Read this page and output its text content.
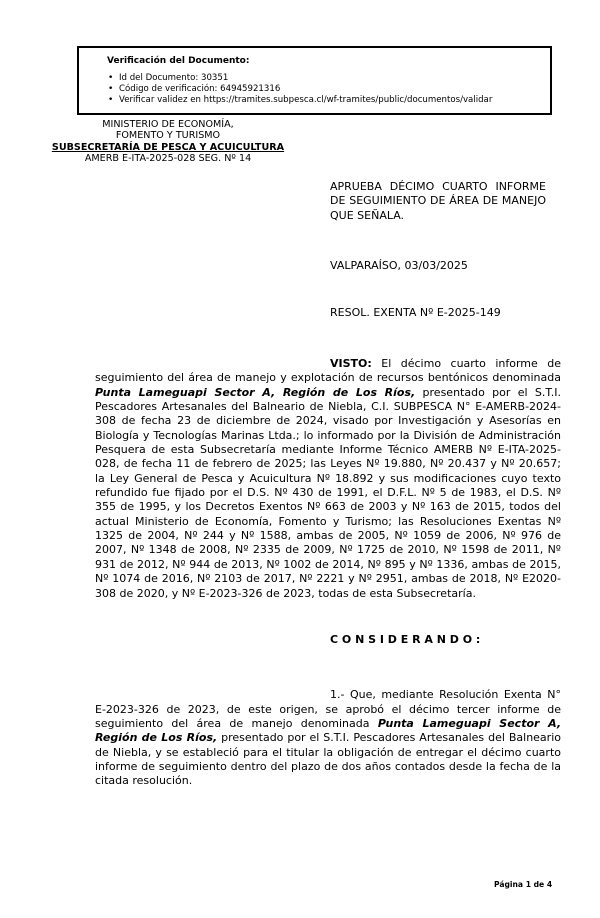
Verificación del Documento:
• Id del Documento: 30351
• Código de verificación: 64945921316
• Verificar validez en https://tramites.subpesca.cl/wf-tramites/public/documentos/validar
MINISTERIO DE ECONOMÍA,
FOMENTO Y TURISMO
SUBSECRETARÍA DE PESCA Y ACUICULTURA
AMERB E-ITA-2025-028 SEG. Nº 14
APRUEBA DÉCIMO CUARTO INFORME DE SEGUIMIENTO DE ÁREA DE MANEJO QUE SEÑALA.
VALPARAÍSO, 03/03/2025
RESOL. EXENTA Nº E-2025-149

VISTO: El décimo cuarto informe de seguimiento del área de manejo y explotación de recursos bentónicos denominada Punta Lameguapi Sector A, Región de Los Ríos, presentado por el S.T.I. Pescadores Artesanales del Balneario de Niebla, C.I. SUBPESCA N° E-AMERB-2024-308 de fecha 23 de diciembre de 2024, visado por Investigación y Asesorías en Biología y Tecnologías Marinas Ltda.; lo informado por la División de Administración Pesquera de esta Subsecretaría mediante Informe Técnico AMERB Nº E-ITA-2025-028, de fecha 11 de febrero de 2025; las Leyes Nº 19.880, Nº 20.437 y Nº 20.657; la Ley General de Pesca y Acuicultura Nº 18.892 y sus modificaciones cuyo texto refundido fue fijado por el D.S. Nº 430 de 1991, el D.F.L. Nº 5 de 1983, el D.S. Nº 355 de 1995, y los Decretos Exentos Nº 663 de 2003 y Nº 163 de 2015, todos del actual Ministerio de Economía, Fomento y Turismo; las Resoluciones Exentas Nº 1325 de 2004, Nº 244 y Nº 1588, ambas de 2005, Nº 1059 de 2006, Nº 976 de 2007, Nº 1348 de 2008, Nº 2335 de 2009, Nº 1725 de 2010, Nº 1598 de 2011, Nº 931 de 2012, Nº 944 de 2013, Nº 1002 de 2014, Nº 895 y Nº 1336, ambas de 2015, Nº 1074 de 2016, Nº 2103 de 2017, Nº 2221 y Nº 2951, ambas de 2018, Nº E2020-308 de 2020, y Nº E-2023-326 de 2023, todas de esta Subsecretaría.

C O N S I D E R A N D O :

1.- Que, mediante Resolución Exenta N° E-2023-326 de 2023, de este origen, se aprobó el décimo tercer informe de seguimiento del área de manejo denominada Punta Lameguapi Sector A, Región de Los Ríos, presentado por el S.T.I. Pescadores Artesanales del Balneario de Niebla, y se estableció para el titular la obligación de entregar el décimo cuarto informe de seguimiento dentro del plazo de dos años contados desde la fecha de la citada resolución.

Página 1 de 4
